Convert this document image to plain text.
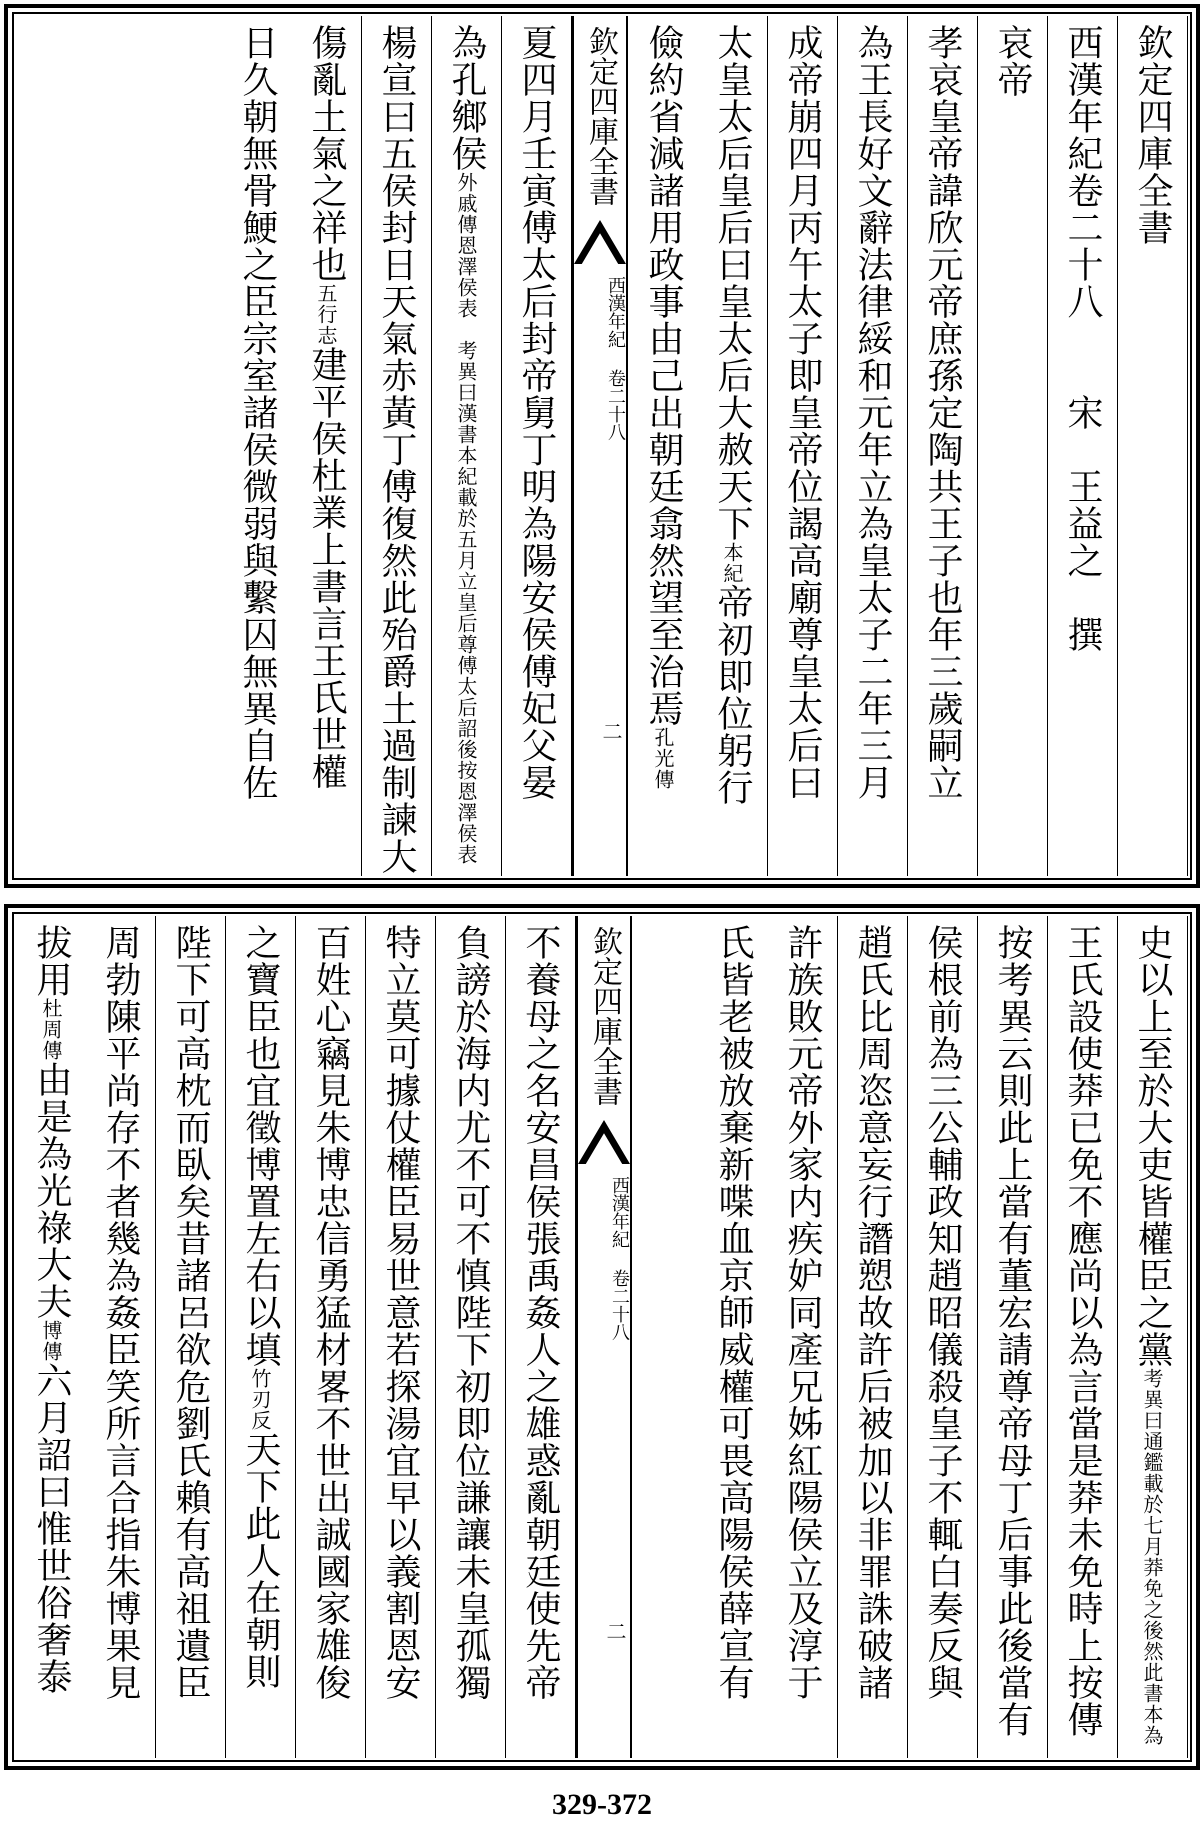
欽定四庫全書
西漢年紀卷二十八　　宋　王益之　撰
哀帝
孝哀皇帝諱欣元帝庶孫定陶共王子也年三歲嗣立
為王長好文辭法律綏和元年立為皇太子二年三月
成帝崩四月丙午太子即皇帝位謁高廟尊皇太后曰
太皇太后皇后曰皇太后大赦天下本紀帝初即位躬行
儉約省減諸用政事由己出朝廷翕然望至治焉孔光傳
欽定四庫全書
西漢年紀 卷二十八
二
夏四月壬寅傅太后封帝舅丁明為陽安侯傅妃父晏
為孔鄉侯外戚傳恩澤侯表　考異曰漢書本紀載於五月立皇后尊傅太后詔後按恩澤侯表
楊宣曰五侯封日天氣赤黃丁傅復然此殆爵土過制諫大
傷亂土氣之祥也五行志建平侯杜業上書言王氏世權
日久朝無骨鯁之臣宗室諸侯微弱與繫囚無異自佐
史以上至於大吏皆權臣之黨考異曰通鑑載於七月莽免之後然此書本為
王氏設使莽已免不應尚以為言當是莽未免時上按傳
按考異云則此上當有董宏請尊帝母丁后事此後當有
侯根前為三公輔政知趙昭儀殺皇子不輒白奏反與
趙氏比周恣意妄行譖愬故許后被加以非罪誅破諸
許族敗元帝外家内疾妒同產兄姊紅陽侯立及淳于
氏皆老被放棄新喋血京師威權可畏高陽侯薛宣有
欽定四庫全書
西漢年紀 卷二十八
二
不養母之名安昌侯張禹姦人之雄惑亂朝廷使先帝
負謗於海内尤不可不慎陛下初即位謙讓未皇孤獨
特立莫可據仗權臣易世意若探湯宜早以義割恩安
百姓心竊見朱博忠信勇猛材畧不世出誠國家雄俊
之寶臣也宜徵博置左右以填竹刃反天下此人在朝則
陛下可高枕而臥矣昔諸呂欲危劉氏賴有高祖遺臣
周勃陳平尚存不者幾為姦臣笑所言合指朱博果見
拔用杜周傳由是為光祿大夫博傳六月詔曰惟世俗奢泰
329-372
